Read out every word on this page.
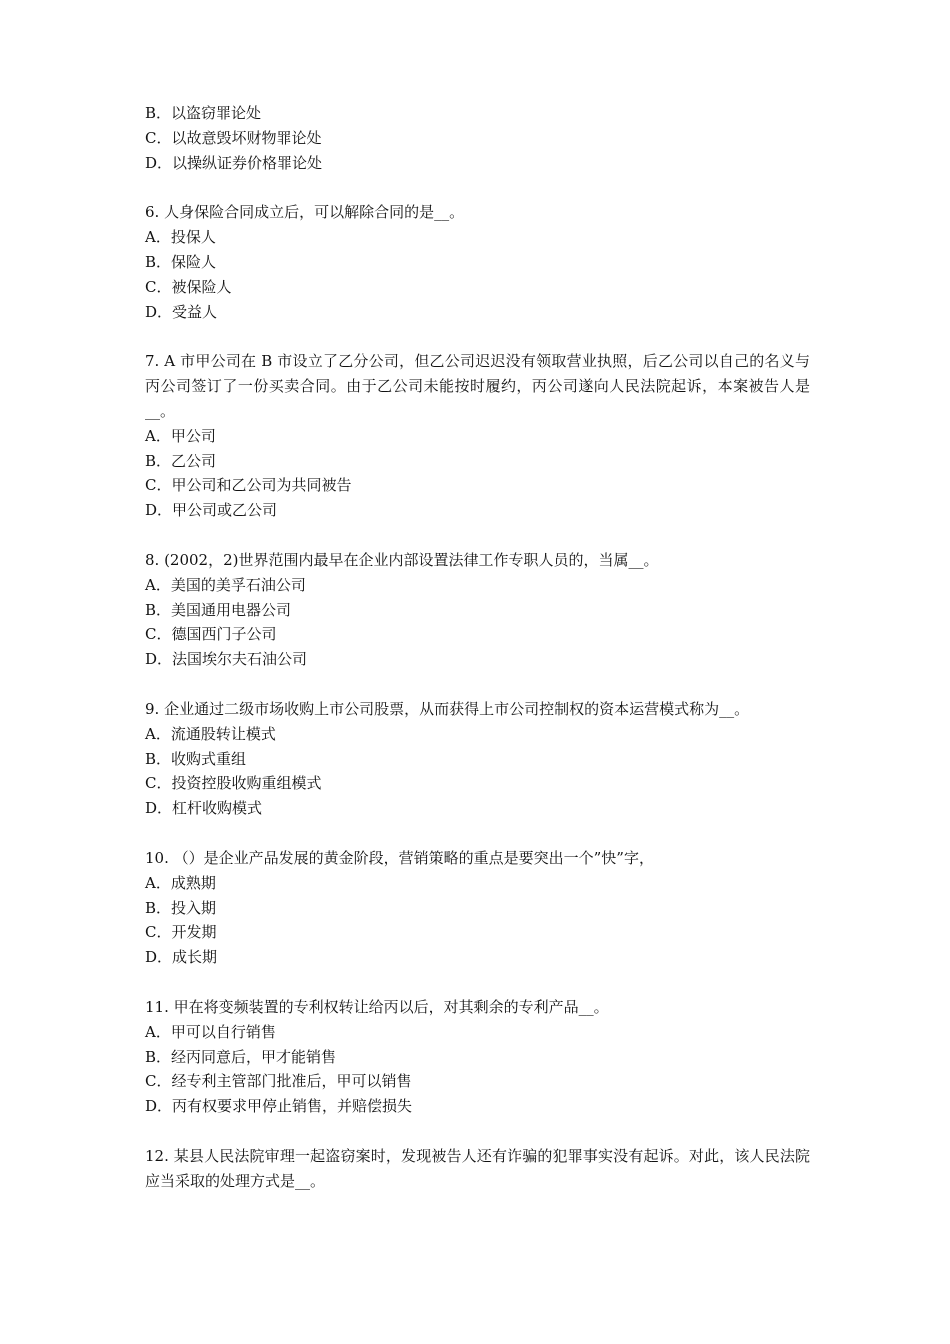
B．以盗窃罪论处
C．以故意毁坏财物罪论处
D．以操纵证券价格罪论处
6. 人身保险合同成立后，可以解除合同的是__。
A．投保人
B．保险人
C．被保险人
D．受益人
7. A 市甲公司在 B 市设立了乙分公司，但乙公司迟迟没有领取营业执照，后乙公司以自己的名义与丙公司签订了一份买卖合同。由于乙公司未能按时履约，丙公司遂向人民法院起诉，本案被告人是__。
A．甲公司
B．乙公司
C．甲公司和乙公司为共同被告
D．甲公司或乙公司
8. (2002，2)世界范围内最早在企业内部设置法律工作专职人员的，当属__。
A．美国的美孚石油公司
B．美国通用电器公司
C．德国西门子公司
D．法国埃尔夫石油公司
9. 企业通过二级市场收购上市公司股票，从而获得上市公司控制权的资本运营模式称为__。
A．流通股转让模式
B．收购式重组
C．投资控股收购重组模式
D．杠杆收购模式
10. （）是企业产品发展的黄金阶段，营销策略的重点是要突出一个”快”字，
A．成熟期
B．投入期
C．开发期
D．成长期
11. 甲在将变频装置的专利权转让给丙以后，对其剩余的专利产品__。
A．甲可以自行销售
B．经丙同意后，甲才能销售
C．经专利主管部门批准后，甲可以销售
D．丙有权要求甲停止销售，并赔偿损失
12. 某县人民法院审理一起盗窃案时，发现被告人还有诈骗的犯罪事实没有起诉。对此，该人民法院应当采取的处理方式是__。
